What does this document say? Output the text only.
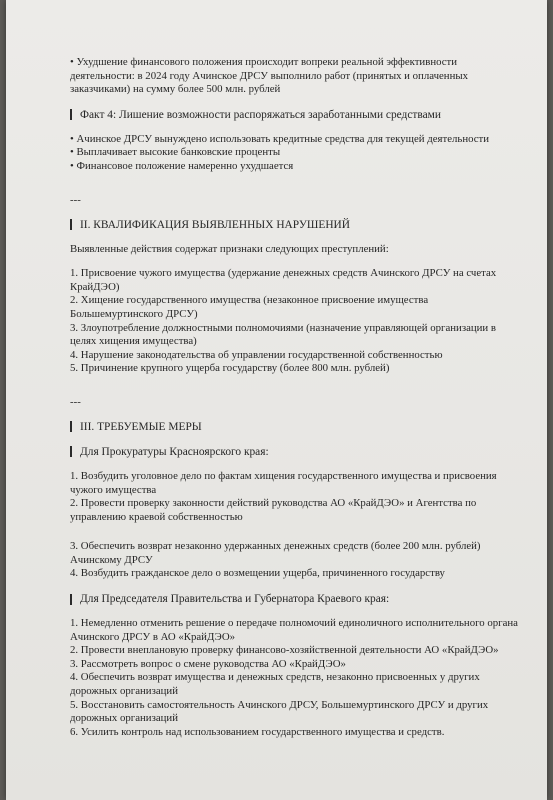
• Ухудшение финансового положения происходит вопреки реальной эффективности деятельности: в 2024 году Ачинское ДРСУ выполнило работ (принятых и оплаченных заказчиками) на сумму более 500 млн. рублей

Факт 4: Лишение возможности распоряжаться заработанными средствами

• Ачинское ДРСУ вынуждено использовать кредитные средства для текущей деятельности

• Выплачивает высокие банковские проценты

• Финансовое положение намеренно ухудшается

---
II. КВАЛИФИКАЦИЯ ВЫЯВЛЕННЫХ НАРУШЕНИЙ

Выявленные действия содержат признаки следующих преступлений:

1. Присвоение чужого имущества (удержание денежных средств Ачинского ДРСУ на счетах КрайДЭО)

2. Хищение государственного имущества (незаконное присвоение имущества Большемуртинского ДРСУ)

3. Злоупотребление должностными полномочиями (назначение управляющей организации в целях хищения имущества)

4. Нарушение законодательства об управлении государственной собственностью

5. Причинение крупного ущерба государству (более 800 млн. рублей)

---
III. ТРЕБУЕМЫЕ МЕРЫ
Для Прокуратуры Красноярского края:

1. Возбудить уголовное дело по фактам хищения государственного имущества и присвоения чужого имущества

2. Провести проверку законности действий руководства АО «КрайДЭО» и Агентства по управлению краевой собственностью

3. Обеспечить возврат незаконно удержанных денежных средств (более 200 млн. рублей) Ачинскому ДРСУ

4. Возбудить гражданское дело о возмещении ущерба, причиненного государству

Для Председателя Правительства и Губернатора Краевого края:

1. Немедленно отменить решение о передаче полномочий единоличного исполнительного органа Ачинского ДРСУ в АО «КрайДЭО»

2. Провести внеплановую проверку финансово-хозяйственной деятельности АО «КрайДЭО»

3. Рассмотреть вопрос о смене руководства АО «КрайДЭО»

4. Обеспечить возврат имущества и денежных средств, незаконно присвоенных у других дорожных организаций

5. Восстановить самостоятельность Ачинского ДРСУ, Большемуртинского ДРСУ и других дорожных организаций

6. Усилить контроль над использованием государственного имущества и средств.
